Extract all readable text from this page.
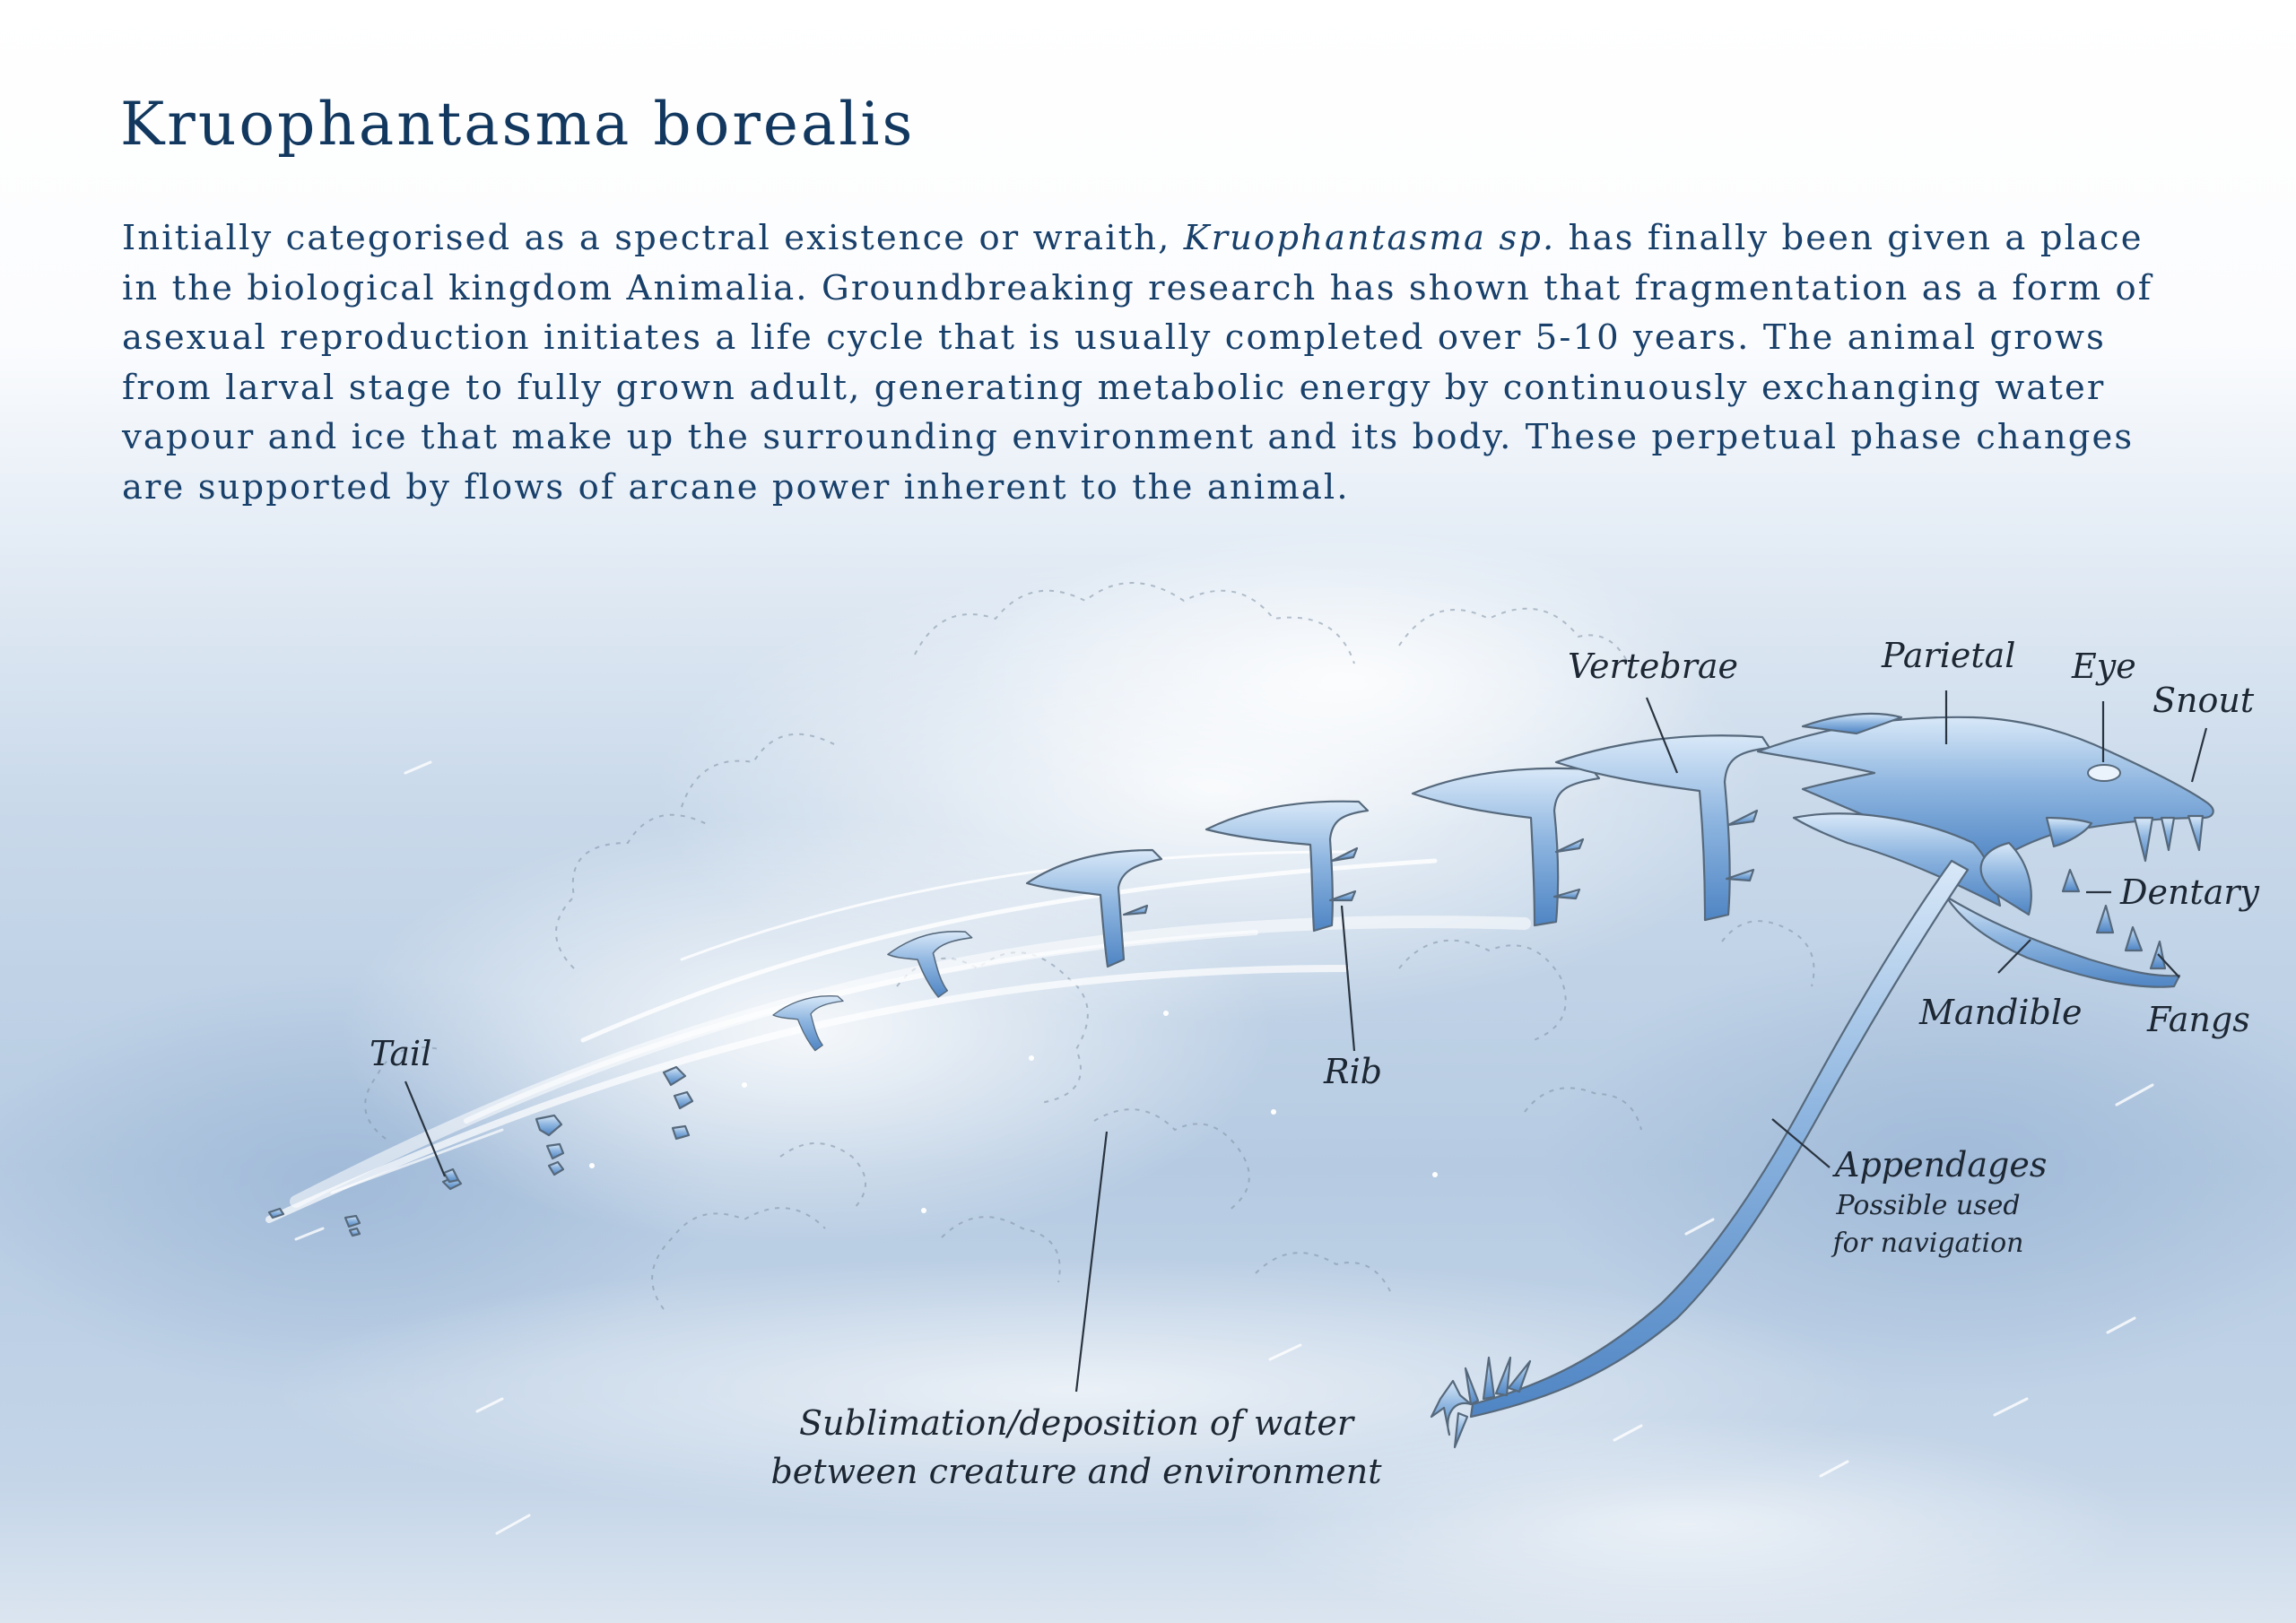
Kruophantasma borealis

Initially categorised as a spectral existence or wraith, Kruophantasma sp. has finally been given a place in the biological kingdom Animalia. Groundbreaking research has shown that fragmentation as a form of asexual reproduction initiates a life cycle that is usually completed over 5-10 years. The animal grows from larval stage to fully grown adult, generating metabolic energy by continuously exchanging water vapour and ice that make up the surrounding environment and its body. These perpetual phase changes are supported by flows of arcane power inherent to the animal.

Vertebrae	Parietal Eye
Snout
Dentary
Mandible Fangs
Rib
Tail
Appendages
Possible used
for navigation
Sublimation/deposition of water
between creature and environment
